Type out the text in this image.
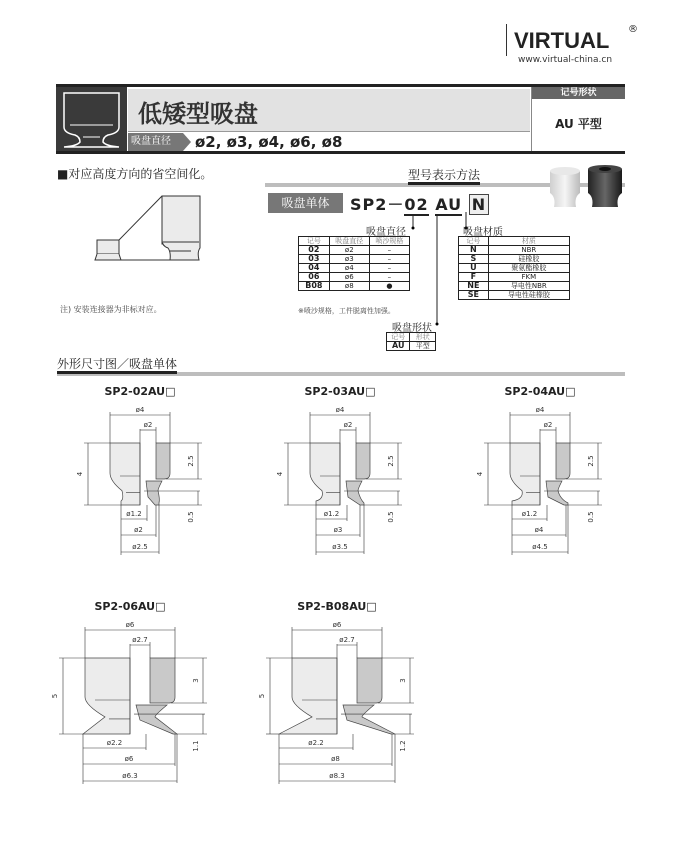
VIRTUAL ®
www.virtual-china.cn
低矮型吸盘
吸盘直径	ø2, ø3, ø4, ø6, ø8
记号形状
AU 平型
■对应高度方向的省空间化。
注) 安装连接器为非标对应。
型号表示方法
吸盘单体	SP2－02 AU N
吸盘直径
记号	吸盘直径	喷沙规格
02	ø2	–
03	ø3	–
04	ø4	–
06	ø6	–
B08	ø8	●
※喷沙规格，工件脱离性加强。
吸盘材质
记号	材质
N	NBR
S	硅橡胶
U	聚氨酯橡胶
F	FKM
NE	导电性NBR
SE	导电性硅橡胶
吸盘形状
记号	形状
AU	平型
外形尺寸图／吸盘单体
SP2-02AU□
ø4
ø2
4
2.5
0.5
ø1.2
ø2
ø2.5
SP2-03AU□
ø4
ø2
4
2.5
0.5
ø1.2
ø3
ø3.5
SP2-04AU□
ø4
ø2
4
2.5
0.5
ø1.2
ø4
ø4.5
SP2-06AU□
ø6
ø2.7
5
3
1.1
ø2.2
ø6
ø6.3
SP2-B08AU□
ø6
ø2.7
5
3
1.2
ø2.2
ø8
ø8.3
